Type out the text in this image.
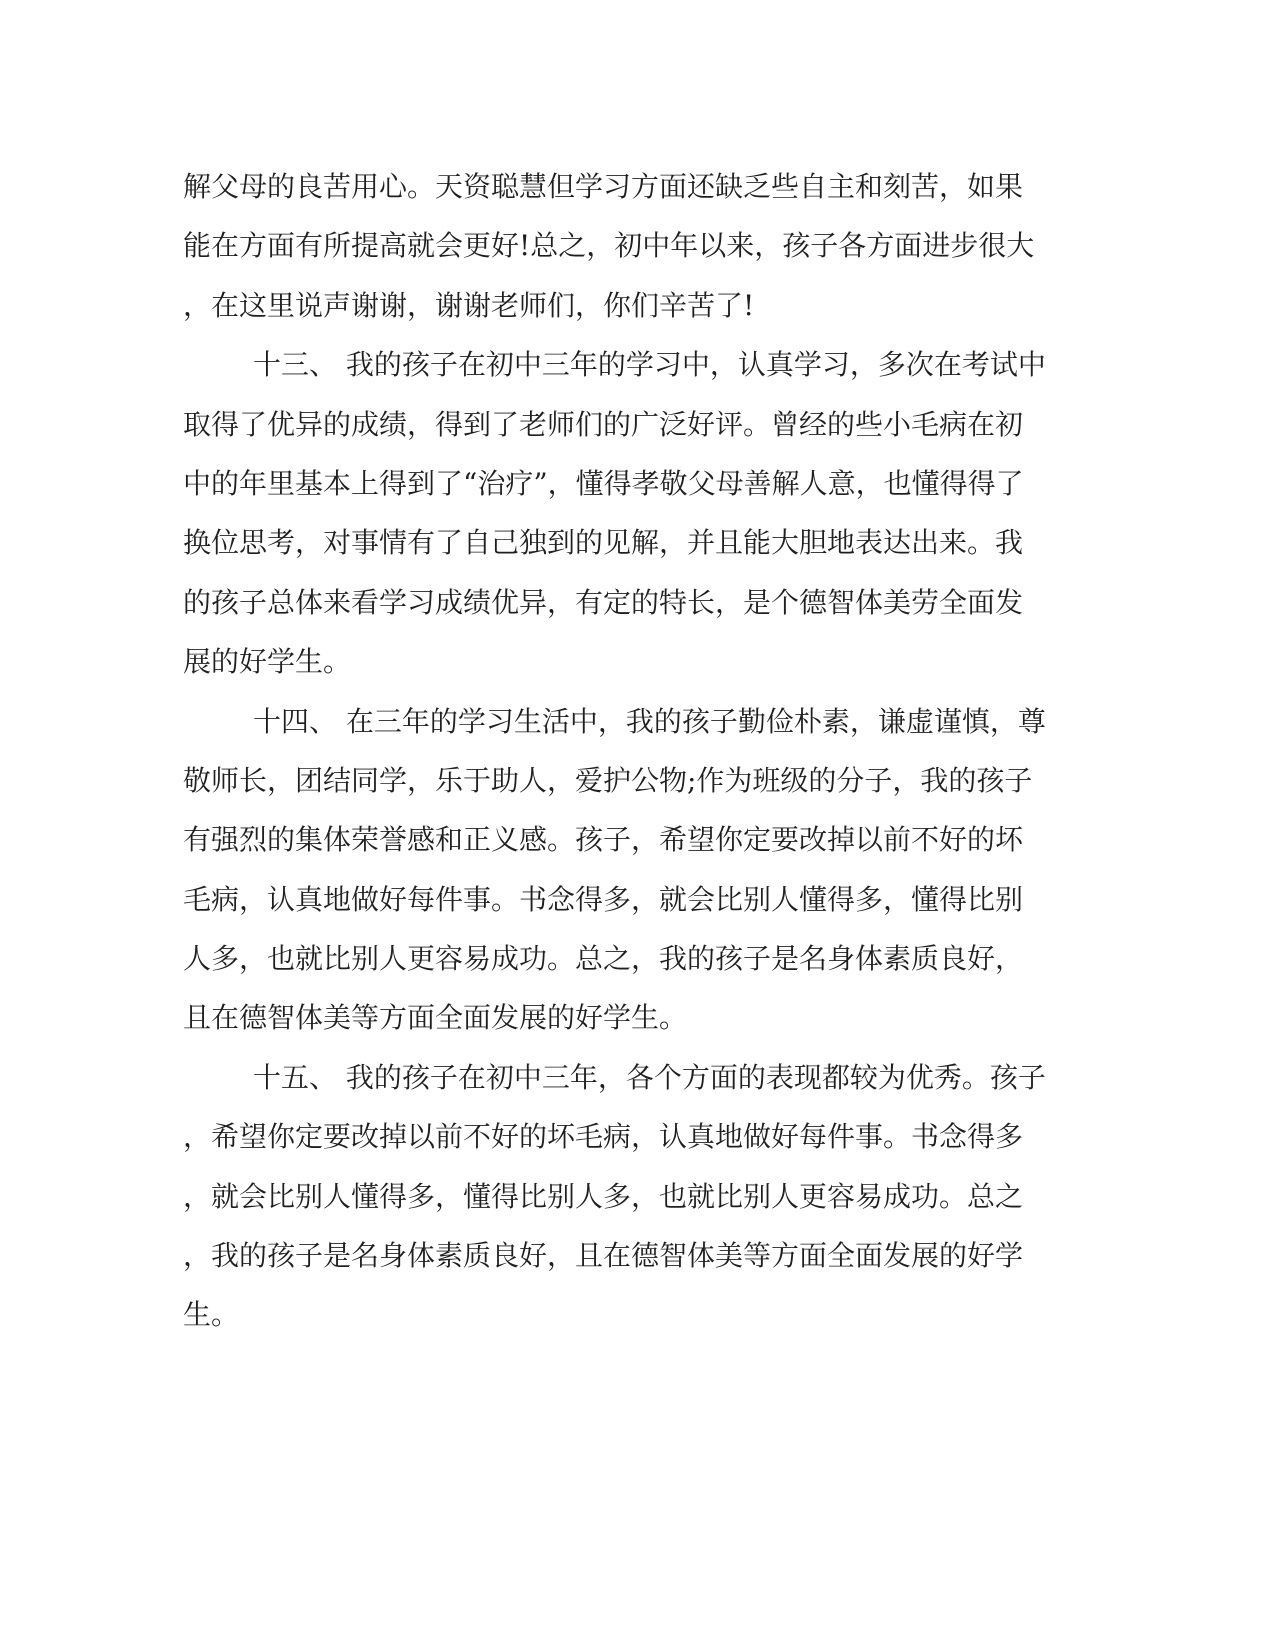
解父母的良苦用心。天资聪慧但学习方面还缺乏些自主和刻苦，如果
能在方面有所提高就会更好!总之，初中年以来，孩子各方面进步很大
，在这里说声谢谢，谢谢老师们，你们辛苦了!
十三、 我的孩子在初中三年的学习中，认真学习，多次在考试中
取得了优异的成绩，得到了老师们的广泛好评。曾经的些小毛病在初
中的年里基本上得到了“治疗”，懂得孝敬父母善解人意，也懂得得了
换位思考，对事情有了自己独到的见解，并且能大胆地表达出来。我
的孩子总体来看学习成绩优异，有定的特长，是个德智体美劳全面发
展的好学生。
十四、 在三年的学习生活中，我的孩子勤俭朴素，谦虚谨慎，尊
敬师长，团结同学，乐于助人，爱护公物;作为班级的分子，我的孩子
有强烈的集体荣誉感和正义感。孩子，希望你定要改掉以前不好的坏
毛病，认真地做好每件事。书念得多，就会比别人懂得多，懂得比别
人多，也就比别人更容易成功。总之，我的孩子是名身体素质良好，
且在德智体美等方面全面发展的好学生。
十五、 我的孩子在初中三年，各个方面的表现都较为优秀。孩子
，希望你定要改掉以前不好的坏毛病，认真地做好每件事。书念得多
，就会比别人懂得多，懂得比别人多，也就比别人更容易成功。总之
，我的孩子是名身体素质良好，且在德智体美等方面全面发展的好学
生。
